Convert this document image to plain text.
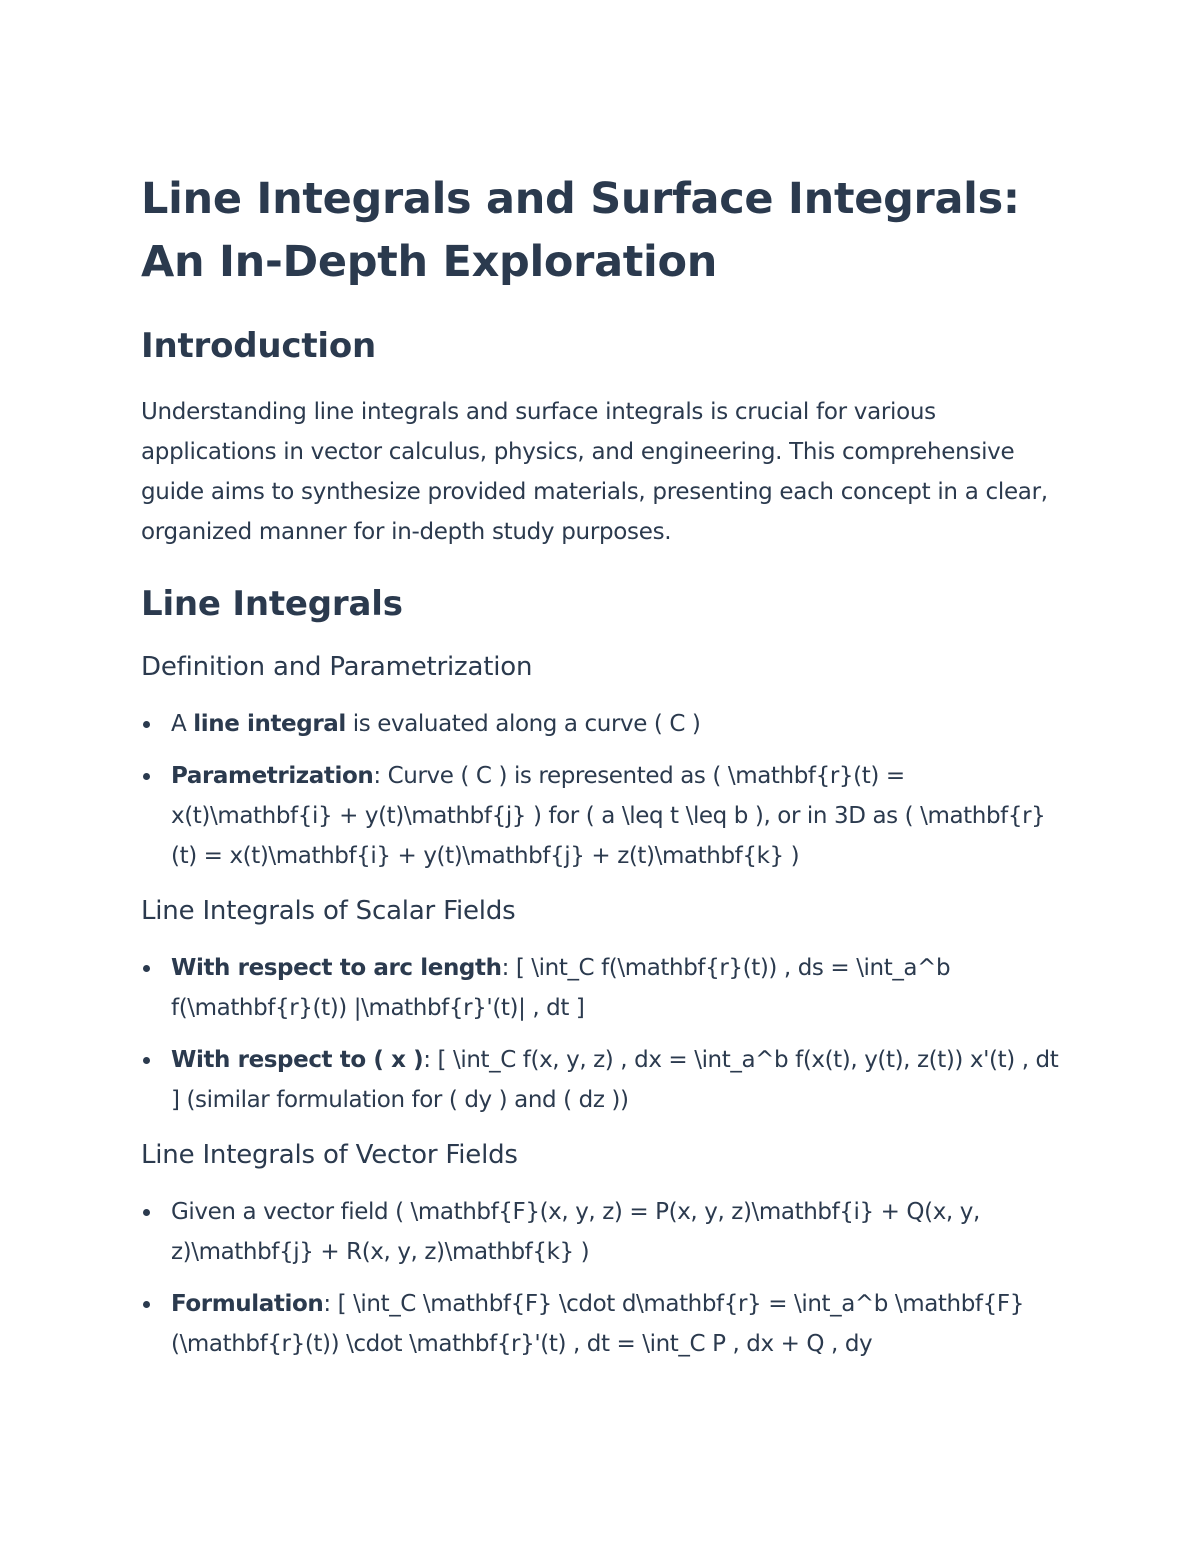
Line Integrals and Surface Integrals: An In-Depth Exploration
Introduction

Understanding line integrals and surface integrals is crucial for various applications in vector calculus, physics, and engineering. This comprehensive guide aims to synthesize provided materials, presenting each concept in a clear, organized manner for in-depth study purposes.

Line Integrals
Definition and Parametrization
A line integral is evaluated along a curve ( C )
Parametrization: Curve ( C ) is represented as ( \mathbf{r}(t) = x(t)\mathbf{i} + y(t)\mathbf{j} ) for ( a \leq t \leq b ), or in 3D as ( \mathbf{r}(t) = x(t)\mathbf{i} + y(t)\mathbf{j} + z(t)\mathbf{k} )
Line Integrals of Scalar Fields
With respect to arc length: [ \int_C f(\mathbf{r}(t)) , ds = \int_a^b f(\mathbf{r}(t)) |\mathbf{r}'(t)| , dt ]
With respect to ( x ): [ \int_C f(x, y, z) , dx = \int_a^b f(x(t), y(t), z(t)) x'(t) , dt ] (similar formulation for ( dy ) and ( dz ))
Line Integrals of Vector Fields
Given a vector field ( \mathbf{F}(x, y, z) = P(x, y, z)\mathbf{i} + Q(x, y, z)\mathbf{j} + R(x, y, z)\mathbf{k} )
Formulation: [ \int_C \mathbf{F} \cdot d\mathbf{r} = \int_a^b \mathbf{F}(\mathbf{r}(t)) \cdot \mathbf{r}'(t) , dt = \int_C P , dx + Q , dy
